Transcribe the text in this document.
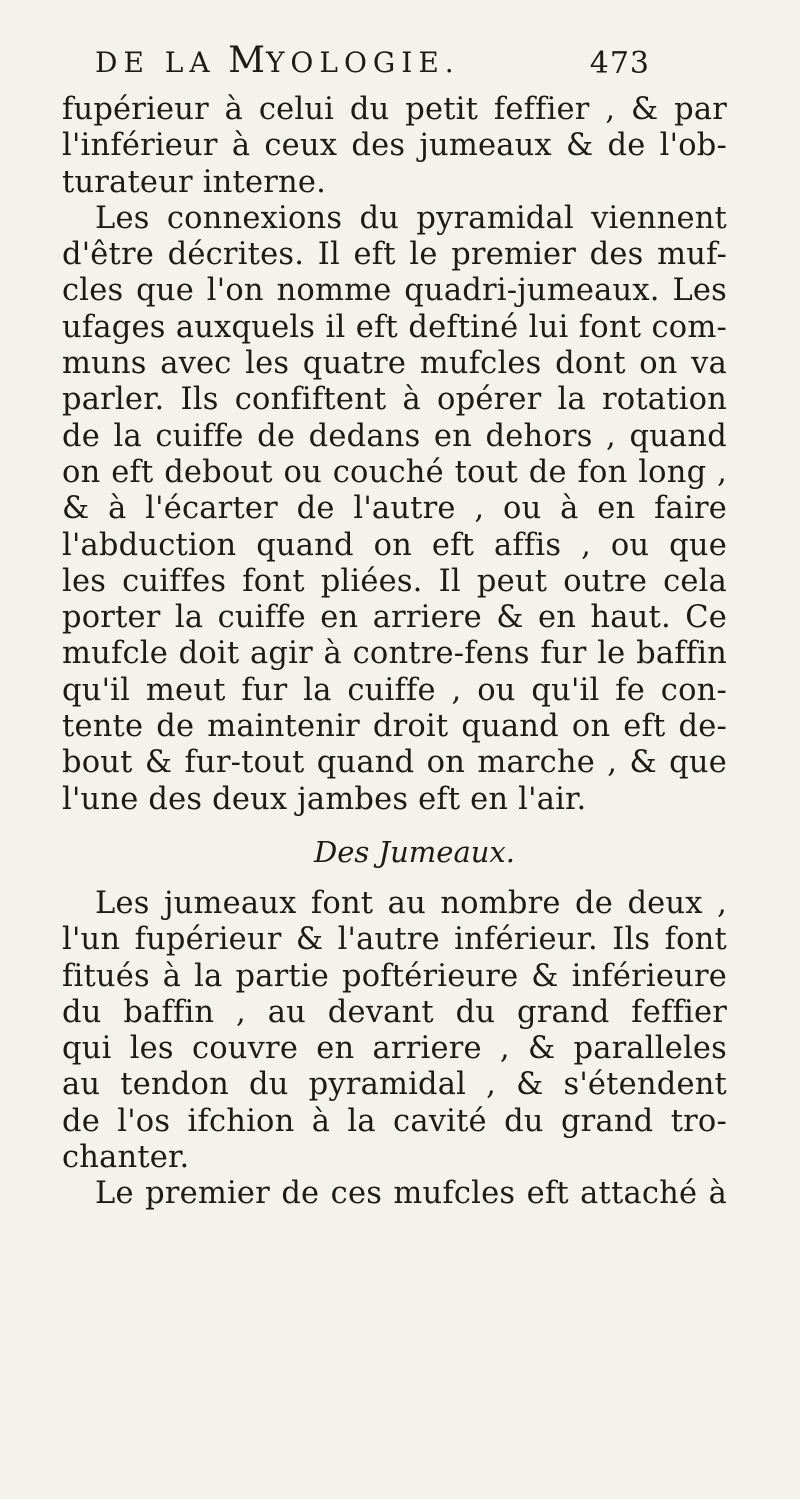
DE LA MYOLOGIE.	473
fupérieur à celui du petit feffier , & par
l'inférieur à ceux des jumeaux & de l'ob-
turateur interne.
Les connexions du pyramidal viennent
d'être décrites. Il eft le premier des muf-
cles que l'on nomme quadri-jumeaux. Les
ufages auxquels il eft deftiné lui font com-
muns avec les quatre mufcles dont on va
parler. Ils confiftent à opérer la rotation
de la cuiffe de dedans en dehors , quand
on eft debout ou couché tout de fon long ,
& à l'écarter de l'autre , ou à en faire
l'abduction quand on eft affis , ou que
les cuiffes font pliées. Il peut outre cela
porter la cuiffe en arriere & en haut. Ce
mufcle doit agir à contre-fens fur le baffin
qu'il meut fur la cuiffe , ou qu'il fe con-
tente de maintenir droit quand on eft de-
bout & fur-tout quand on marche , & que
l'une des deux jambes eft en l'air.
Des Jumeaux.
Les jumeaux font au nombre de deux ,
l'un fupérieur & l'autre inférieur. Ils font
fitués à la partie poftérieure & inférieure
du baffin , au devant du grand feffier
qui les couvre en arriere , & paralleles
au tendon du pyramidal , & s'étendent
de l'os ifchion à la cavité du grand tro-
chanter.
Le premier de ces mufcles eft attaché à
